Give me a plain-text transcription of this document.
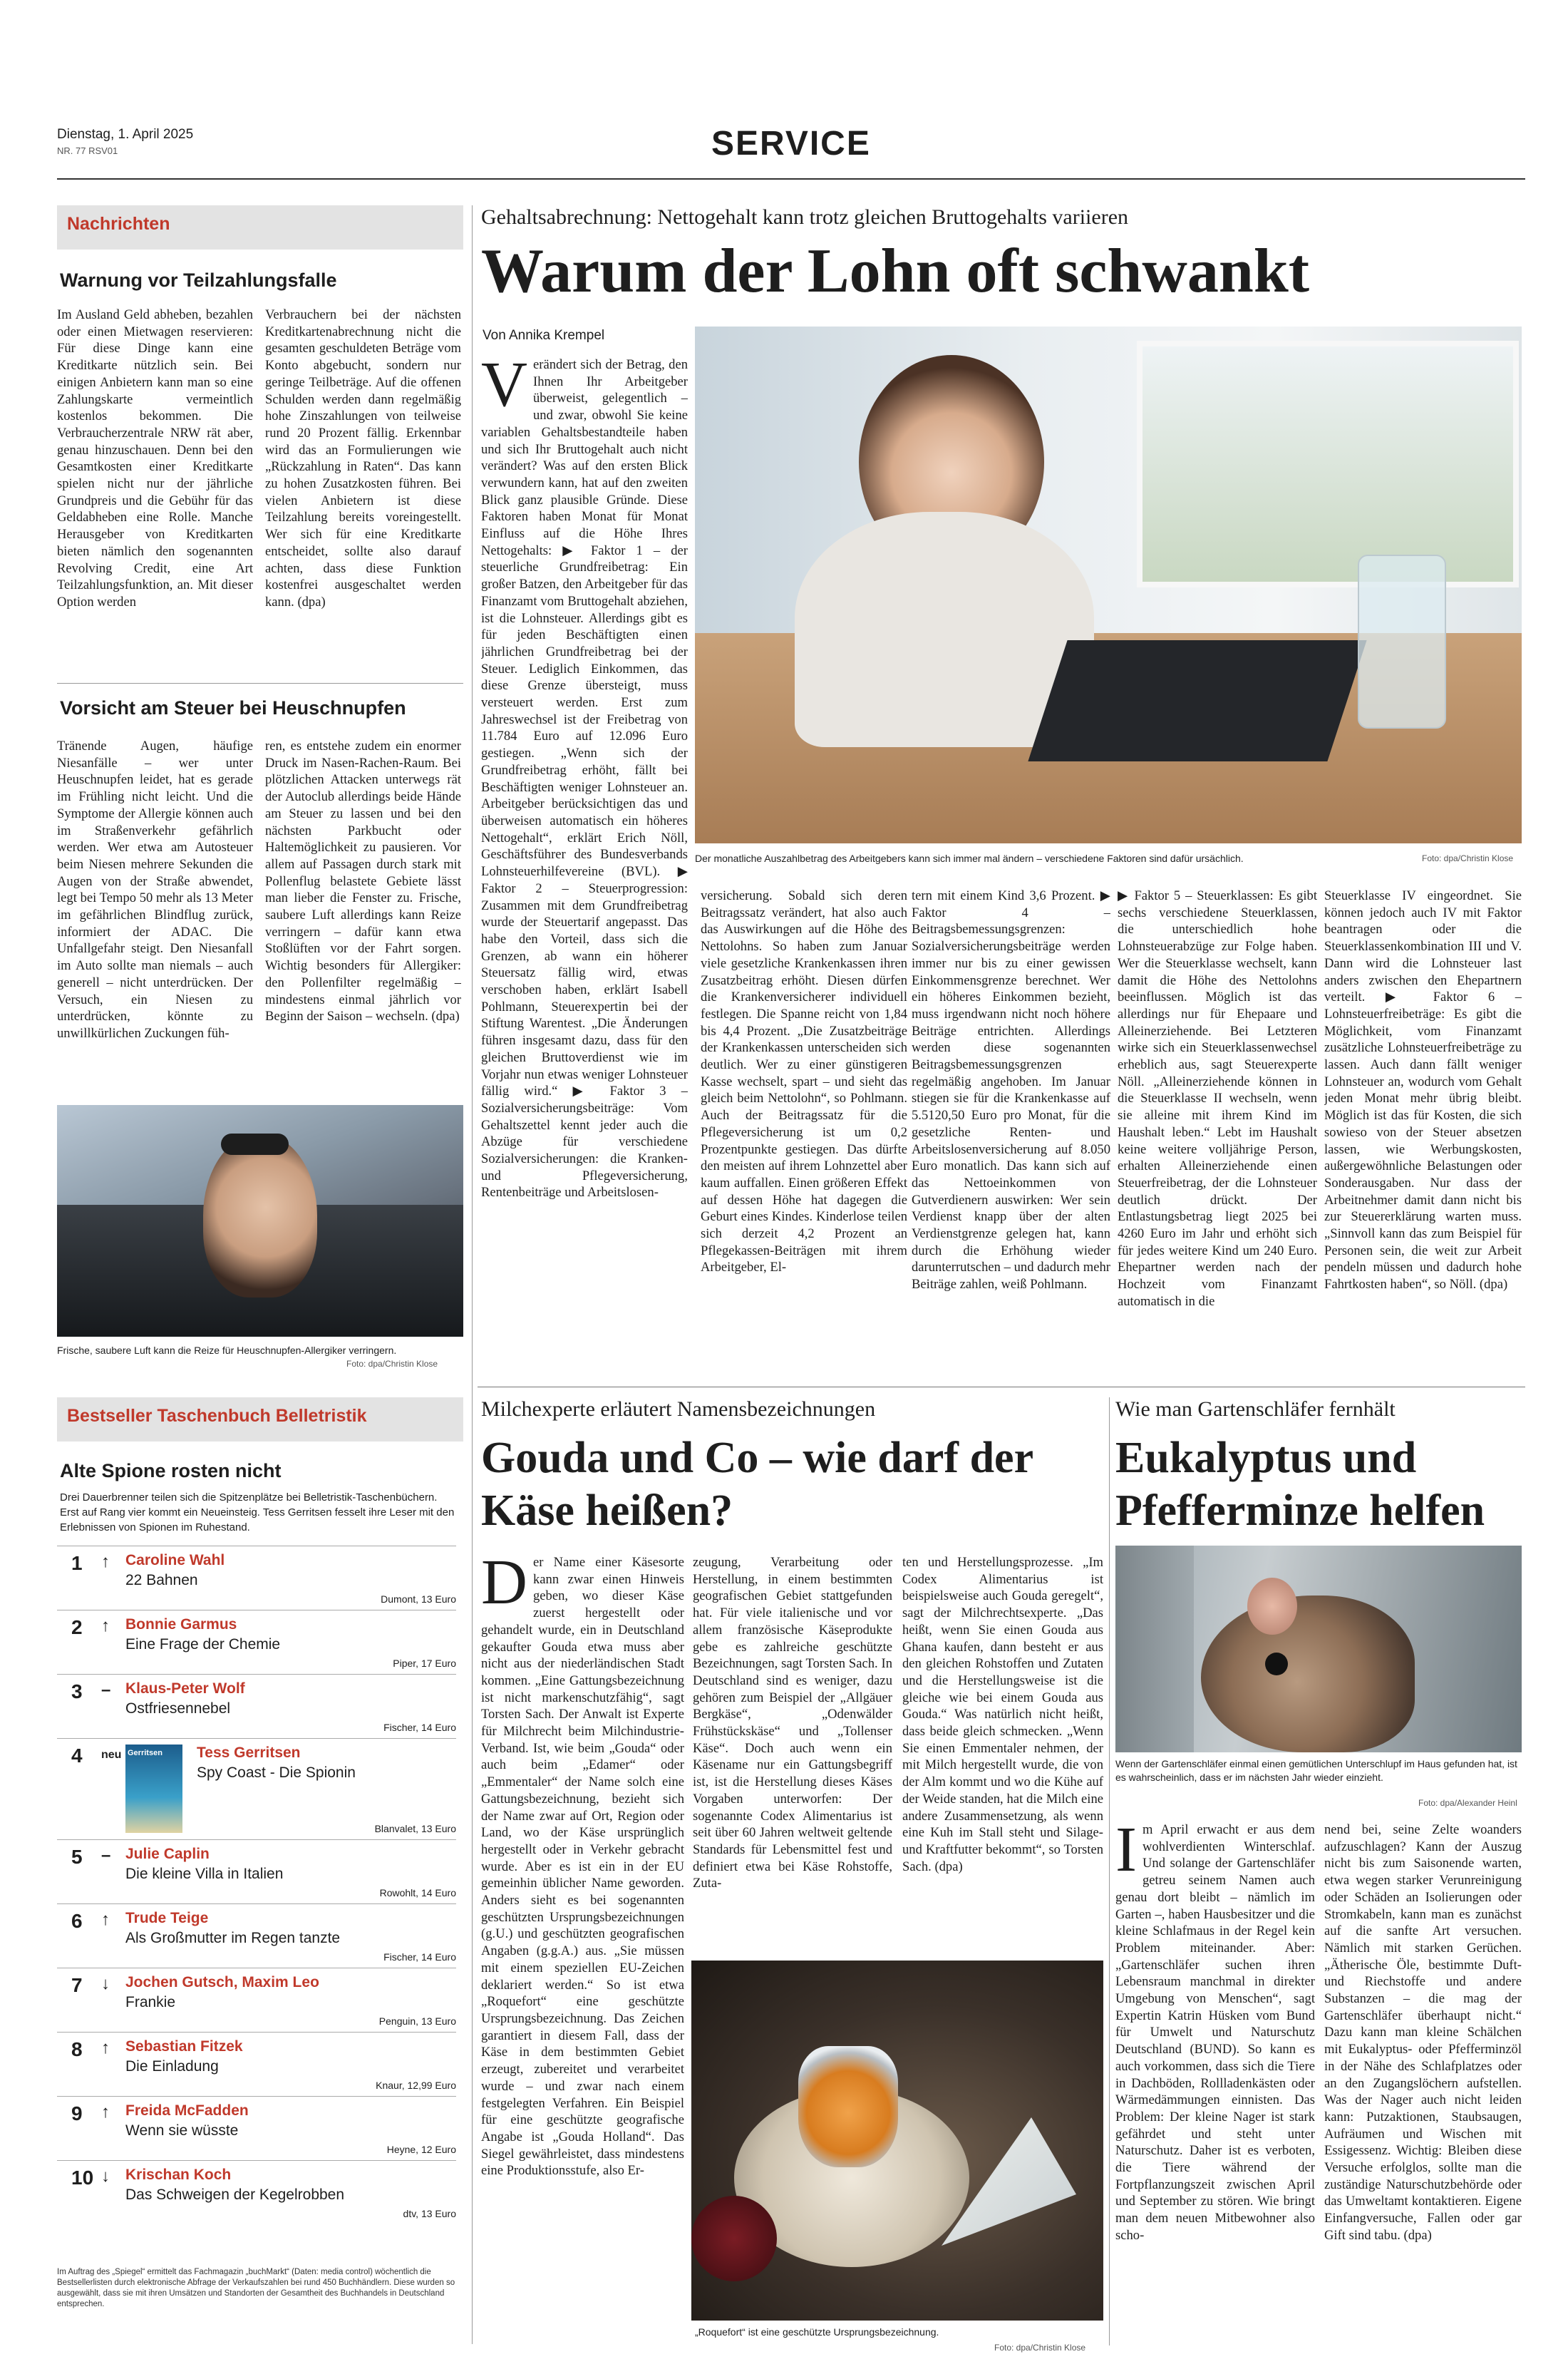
Dienstag, 1. April 2025
NR. 77 RSV01	SERVICE
Nachrichten
Warnung vor Teilzahlungsfalle

Im Ausland Geld abheben, bezahlen oder einen Mietwagen reservieren: Für diese Dinge kann eine Kreditkarte nützlich sein. Bei einigen Anbietern kann man so eine Zahlungskarte vermeintlich kostenlos bekommen. Die Verbraucherzentrale NRW rät aber, genau hinzuschauen. Denn bei den Gesamtkosten einer Kreditkarte spielen nicht nur der jährliche Grundpreis und die Gebühr für das Geldabheben eine Rolle. Manche Herausgeber von Kreditkarten bieten nämlich den sogenannten Revolving Credit, eine Art Teilzahlungsfunktion, an. Mit dieser Option werden

Verbrauchern bei der nächsten Kreditkartenabrechnung nicht die gesamten geschuldeten Beträge vom Konto abgebucht, sondern nur geringe Teilbeträge. Auf die offenen Schulden werden dann regelmäßig hohe Zinszahlungen von teilweise rund 20 Prozent fällig. Erkennbar wird das an Formulierungen wie „Rückzahlung in Raten“. Das kann zu hohen Zusatzkosten führen. Bei vielen Anbietern ist diese Teilzahlung bereits voreingestellt. Wer sich für eine Kreditkarte entscheidet, sollte also darauf achten, dass diese Funktion kostenfrei ausgeschaltet werden kann. (dpa)

Vorsicht am Steuer bei Heuschnupfen

Tränende Augen, häufige Niesanfälle – wer unter Heuschnupfen leidet, hat es gerade im Frühling nicht leicht. Und die Symptome der Allergie können auch im Straßenverkehr gefährlich werden. Wer etwa am Autosteuer beim Niesen mehrere Sekunden die Augen von der Straße abwendet, legt bei Tempo 50 mehr als 13 Meter im gefährlichen Blindflug zurück, informiert der ADAC. Die Unfallgefahr steigt. Den Niesanfall im Auto sollte man niemals – auch generell – nicht unterdrücken. Der Versuch, ein Niesen zu unterdrücken, könnte zu unwillkürlichen Zuckungen füh-

ren, es entstehe zudem ein enormer Druck im Nasen-Rachen-Raum. Bei plötzlichen Attacken unterwegs rät der Autoclub allerdings beide Hände am Steuer zu lassen und bei den nächsten Parkbucht oder Haltemöglichkeit zu pausieren. Vor allem auf Passagen durch stark mit Pollenflug belastete Gebiete lässt man lieber die Fenster zu. Frische, saubere Luft allerdings kann Reize verringern – dafür kann etwa Stoßlüften vor der Fahrt sorgen. Wichtig besonders für Allergiker: den Pollenfilter regelmäßig – mindestens einmal jährlich vor Beginn der Saison – wechseln. (dpa)

Frische, saubere Luft kann die Reize für Heuschnupfen-Allergiker verringern.
Foto: dpa/Christin Klose
Bestseller Taschenbuch Belletristik
Alte Spione rosten nicht
Drei Dauerbrenner teilen sich die Spitzenplätze bei Belletristik-Taschenbüchern. Erst auf Rang vier kommt ein Neueinsteig. Tess Gerritsen fesselt ihre Leser mit den Erlebnissen von Spionen im Ruhestand.
1 ↑ Caroline Wahl
22 Bahnen
Dumont, 13 Euro
2 ↑ Bonnie Garmus
Eine Frage der Chemie
Piper, 17 Euro
3 – Klaus-Peter Wolf
Ostfriesennebel
Fischer, 14 Euro
4 neu Gerritsen Tess Gerritsen
Spy Coast - Die Spionin
Blanvalet, 13 Euro
5 – Julie Caplin
Die kleine Villa in Italien
Rowohlt, 14 Euro
6 ↑ Trude Teige
Als Großmutter im Regen tanzte
Fischer, 14 Euro
7 ↓ Jochen Gutsch, Maxim Leo
Frankie
Penguin, 13 Euro
8 ↑ Sebastian Fitzek
Die Einladung
Knaur, 12,99 Euro
9 ↑ Freida McFadden
Wenn sie wüsste
Heyne, 12 Euro
10 ↓ Krischan Koch
Das Schweigen der Kegelrobben
dtv, 13 Euro
Im Auftrag des „Spiegel“ ermittelt das Fachmagazin „buchMarkt“ (Daten: media control) wöchentlich die Bestsellerlisten durch elektronische Abfrage der Verkaufszahlen bei rund 450 Buchhändlern. Diese wurden so ausgewählt, dass sie mit ihren Umsätzen und Standorten der Gesamtheit des Buchhandels in Deutschland entsprechen.
Gehaltsabrechnung: Nettogehalt kann trotz gleichen Bruttogehalts variieren
Warum der Lohn oft schwankt
Von Annika Krempel
Verändert sich der Betrag, den Ihnen Ihr Arbeitgeber überweist, gelegentlich – und zwar, obwohl Sie keine variablen Gehaltsbestandteile haben und sich Ihr Bruttogehalt auch nicht verändert? Was auf den ersten Blick verwundern kann, hat auf den zweiten Blick ganz plausible Gründe. Diese Faktoren haben Monat für Monat Einfluss auf die Höhe Ihres Nettogehalts: ▶ Faktor 1 – der steuerliche Grundfreibetrag: Ein großer Batzen, den Arbeitgeber für das Finanzamt vom Bruttogehalt abziehen, ist die Lohnsteuer. Allerdings gibt es für jeden Beschäftigten einen jährlichen Grundfreibetrag bei der Steuer. Lediglich Einkommen, das diese Grenze übersteigt, muss versteuert werden. Erst zum Jahreswechsel ist der Freibetrag von 11.784 Euro auf 12.096 Euro gestiegen. „Wenn sich der Grundfreibetrag erhöht, fällt bei Beschäftigten weniger Lohnsteuer an. Arbeitgeber berücksichtigen das und überweisen automatisch ein höheres Nettogehalt“, erklärt Erich Nöll, Geschäftsführer des Bundesverbands Lohnsteuerhilfevereine (BVL). ▶ Faktor 2 – Steuerprogression: Zusammen mit dem Grundfreibetrag wurde der Steuertarif angepasst. Das habe den Vorteil, dass sich die Grenzen, ab wann ein höherer Steuersatz fällig wird, etwas verschoben haben, erklärt Isabell Pohlmann, Steuerexpertin bei der Stiftung Warentest. „Die Änderungen führen insgesamt dazu, dass für den gleichen Bruttoverdienst wie im Vorjahr nun etwas weniger Lohnsteuer fällig wird.“ ▶ Faktor 3 – Sozialversicherungsbeiträge: Vom Gehaltszettel kennt jeder auch die Abzüge für verschiedene Sozialversicherungen: die Kranken- und Pflegeversicherung, Rentenbeiträge und Arbeitslosen-
Der monatliche Auszahlbetrag des Arbeitgebers kann sich immer mal ändern – verschiedene Faktoren sind dafür ursächlich.	Foto: dpa/Christin Klose

versicherung. Sobald sich deren Beitragssatz verändert, hat also auch das Auswirkungen auf die Höhe des Nettolohns. So haben zum Januar viele gesetzliche Krankenkassen ihren Zusatzbeitrag erhöht. Diesen dürfen die Krankenversicherer individuell festlegen. Die Spanne reicht von 1,84 bis 4,4 Prozent. „Die Zusatzbeiträge der Krankenkassen unterscheiden sich deutlich. Wer zu einer günstigeren Kasse wechselt, spart – und sieht das gleich beim Nettolohn“, so Pohlmann. Auch der Beitragssatz für die Pflegeversicherung ist um 0,2 Prozentpunkte gestiegen. Das dürfte den meisten auf ihrem Lohnzettel aber kaum auffallen. Einen größeren Effekt auf dessen Höhe hat dagegen die Geburt eines Kindes. Kinderlose teilen sich derzeit 4,2 Prozent an Pflegekassen-Beiträgen mit ihrem Arbeitgeber, El-

tern mit einem Kind 3,6 Prozent. ▶ Faktor 4 – Beitragsbemessungsgrenzen: Sozialversicherungsbeiträge werden immer nur bis zu einer gewissen Einkommensgrenze berechnet. Wer ein höheres Einkommen bezieht, muss irgendwann nicht noch höhere Beiträge entrichten. Allerdings werden diese sogenannten Beitragsbemessungsgrenzen regelmäßig angehoben. Im Januar stiegen sie für die Krankenkasse auf 5.5120,50 Euro pro Monat, für die gesetzliche Renten- und Arbeitslosenversicherung auf 8.050 Euro monatlich. Das kann sich auf das Nettoeinkommen von Gutverdienern auswirken: Wer sein Verdienst knapp über der alten Verdienstgrenze gelegen hat, kann durch die Erhöhung wieder darunterrutschen – und dadurch mehr Beiträge zahlen, weiß Pohlmann.

▶ Faktor 5 – Steuerklassen: Es gibt sechs verschiedene Steuerklassen, die unterschiedlich hohe Lohnsteuerabzüge zur Folge haben. Wer die Steuerklasse wechselt, kann damit die Höhe des Nettolohns beeinflussen. Möglich ist das allerdings nur für Ehepaare und Alleinerziehende. Bei Letzteren wirke sich ein Steuerklassenwechsel erheblich aus, sagt Steuerexperte Nöll. „Alleinerziehende können in die Steuerklasse II wechseln, wenn sie alleine mit ihrem Kind im Haushalt leben.“ Lebt im Haushalt keine weitere volljährige Person, erhalten Alleinerziehende einen Steuerfreibetrag, der die Lohnsteuer deutlich drückt. Der Entlastungsbetrag liegt 2025 bei 4260 Euro im Jahr und erhöht sich für jedes weitere Kind um 240 Euro. Ehepartner werden nach der Hochzeit vom Finanzamt automatisch in die

Steuerklasse IV eingeordnet. Sie können jedoch auch IV mit Faktor beantragen oder die Steuerklassenkombination III und V. Dann wird die Lohnsteuer last anders zwischen den Ehepartnern verteilt. ▶ Faktor 6 – Lohnsteuerfreibeträge: Es gibt die Möglichkeit, vom Finanzamt zusätzliche Lohnsteuerfreibeträge zu lassen. Auch dann fällt weniger Lohnsteuer an, wodurch vom Gehalt jeden Monat mehr übrig bleibt. Möglich ist das für Kosten, die sich sowieso von der Steuer absetzen lassen, wie Werbungskosten, außergewöhnliche Belastungen oder Sonderausgaben. Nur dass der Arbeitnehmer damit dann nicht bis zur Steuererklärung warten muss. „Sinnvoll kann das zum Beispiel für Personen sein, die weit zur Arbeit pendeln müssen und dadurch hohe Fahrtkosten haben“, so Nöll. (dpa)

Milchexperte erläutert Namensbezeichnungen
Gouda und Co – wie darf der Käse heißen?
Der Name einer Käsesorte kann zwar einen Hinweis geben, wo dieser Käse zuerst hergestellt oder gehandelt wurde, ein in Deutschland gekaufter Gouda etwa muss aber nicht aus der niederländischen Stadt kommen. „Eine Gattungsbezeichnung ist nicht markenschutzfähig“, sagt Torsten Sach. Der Anwalt ist Experte für Milchrecht beim Milchindustrie-Verband. Ist, wie beim „Gouda“ oder auch beim „Edamer“ oder „Emmentaler“ der Name solch eine Gattungsbezeichnung, bezieht sich der Name zwar auf Ort, Region oder Land, wo der Käse ursprünglich hergestellt oder in Verkehr gebracht wurde. Aber es ist ein in der EU gemeinhin üblicher Name geworden. Anders sieht es bei sogenannten geschützten Ursprungsbezeichnungen (g.U.) und geschützten geografischen Angaben (g.g.A.) aus. „Sie müssen mit einem speziellen EU-Zeichen deklariert werden.“ So ist etwa „Roquefort“ eine geschützte Ursprungsbezeichnung. Das Zeichen garantiert in diesem Fall, dass der Käse in dem bestimmten Gebiet erzeugt, zubereitet und verarbeitet wurde – und zwar nach einem festgelegten Verfahren. Ein Beispiel für eine geschützte geografische Angabe ist „Gouda Holland“. Das Siegel gewährleistet, dass mindestens eine Produktionsstufe, also Er-

zeugung, Verarbeitung oder Herstellung, in einem bestimmten geografischen Gebiet stattgefunden hat. Für viele italienische und vor allem französische Käseprodukte gebe es zahlreiche geschützte Bezeichnungen, sagt Torsten Sach. In Deutschland sind es weniger, dazu gehören zum Beispiel der „Allgäuer Bergkäse“, „Odenwälder Frühstückskäse“ und „Tollenser Käse“. Doch auch wenn ein Käsename nur ein Gattungsbegriff ist, ist die Herstellung dieses Käses Vorgaben unterworfen: Der sogenannte Codex Alimentarius ist seit über 60 Jahren weltweit geltende Standards für Lebensmittel fest und definiert etwa bei Käse Rohstoffe, Zuta-

ten und Herstellungsprozesse. „Im Codex Alimentarius ist beispielsweise auch Gouda geregelt“, sagt der Milchrechtsexperte. „Das heißt, wenn Sie einen Gouda aus Ghana kaufen, dann besteht er aus den gleichen Rohstoffen und Zutaten und die Herstellungsweise ist die gleiche wie bei einem Gouda aus Gouda.“ Was natürlich nicht heißt, dass beide gleich schmecken. „Wenn Sie einen Emmentaler nehmen, der mit Milch hergestellt wurde, die von der Alm kommt und wo die Kühe auf der Weide standen, hat die Milch eine andere Zusammensetzung, als wenn eine Kuh im Stall steht und Silage- und Kraftfutter bekommt“, so Torsten Sach. (dpa)

„Roquefort“ ist eine geschützte Ursprungsbezeichnung.
Foto: dpa/Christin Klose
Wie man Gartenschläfer fernhält
Eukalyptus und Pfefferminze helfen
Wenn der Gartenschläfer einmal einen gemütlichen Unterschlupf im Haus gefunden hat, ist es wahrscheinlich, dass er im nächsten Jahr wieder einzieht.
Foto: dpa/Alexander Heinl
Im April erwacht er aus dem wohlverdienten Winterschlaf. Und solange der Gartenschläfer getreu seinem Namen auch genau dort bleibt – nämlich im Garten –, haben Hausbesitzer und die kleine Schlafmaus in der Regel kein Problem miteinander. Aber: „Gartenschläfer suchen ihren Lebensraum manchmal in direkter Umgebung von Menschen“, sagt Expertin Katrin Hüsken vom Bund für Umwelt und Naturschutz Deutschland (BUND). So kann es auch vorkommen, dass sich die Tiere in Dachböden, Rollladenkästen oder Wärmedämmungen einnisten. Das Problem: Der kleine Nager ist stark gefährdet und steht unter Naturschutz. Daher ist es verboten, die Tiere während der Fortpflanzungszeit zwischen April und September zu stören. Wie bringt man dem neuen Mitbewohner also scho-

nend bei, seine Zelte woanders aufzuschlagen? Kann der Auszug nicht bis zum Saisonende warten, etwa wegen starker Verunreinigung oder Schäden an Isolierungen oder Stromkabeln, kann man es zunächst auf die sanfte Art versuchen. Nämlich mit starken Gerüchen. „Ätherische Öle, bestimmte Duft- und Riechstoffe und andere Substanzen – die mag der Gartenschläfer überhaupt nicht.“ Dazu kann man kleine Schälchen mit Eukalyptus- oder Pfefferminzöl in der Nähe des Schlafplatzes oder an den Zugangslöchern aufstellen. Was der Nager auch nicht leiden kann: Putzaktionen, Staubsaugen, Aufräumen und Wischen mit Essigessenz. Wichtig: Bleiben diese Versuche erfolglos, sollte man die zuständige Naturschutzbehörde oder das Umweltamt kontaktieren. Eigene Einfangversuche, Fallen oder gar Gift sind tabu. (dpa)
